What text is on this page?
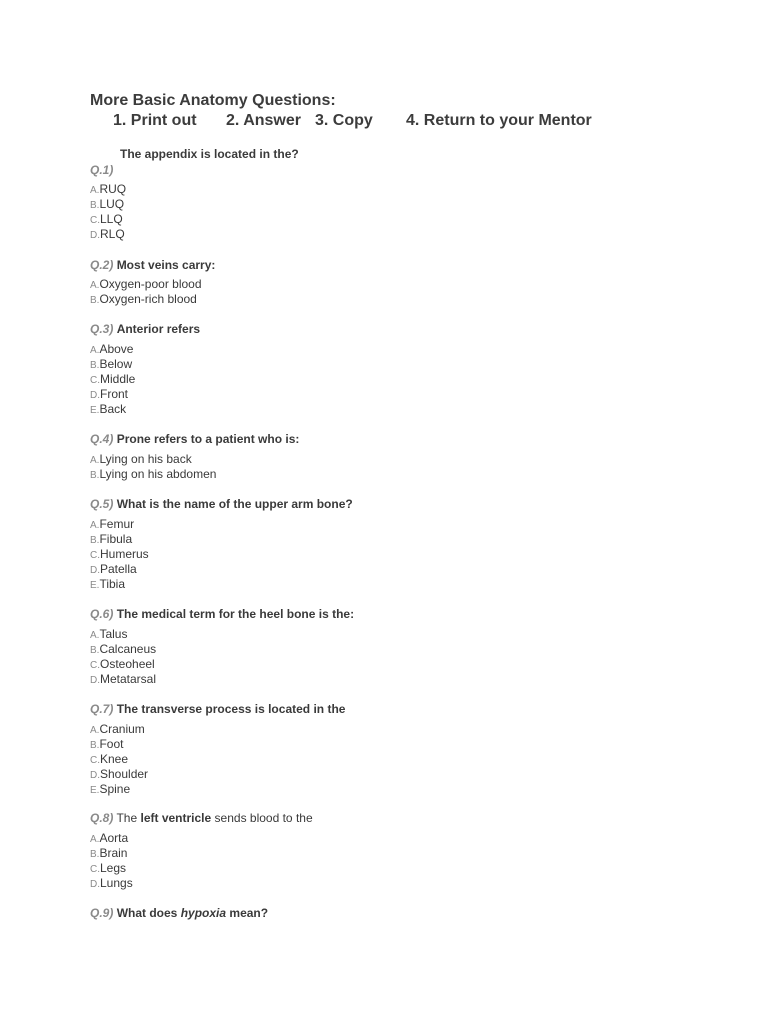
More Basic Anatomy Questions:

1. Print out

2. Answer

3. Copy

4. Return to your Mentor

The appendix is located in the?
Q.1)
A.RUQ
B.LUQ
C.LLQ
D.RLQ
Q.2) Most veins carry:
A.Oxygen-poor blood
B.Oxygen-rich blood
Q.3) Anterior refers
A.Above
B.Below
C.Middle
D.Front
E.Back
Q.4) Prone refers to a patient who is:
A.Lying on his back
B.Lying on his abdomen
Q.5) What is the name of the upper arm bone?
A.Femur
B.Fibula
C.Humerus
D.Patella
E.Tibia
Q.6) The medical term for the heel bone is the:
A.Talus
B.Calcaneus
C.Osteoheel
D.Metatarsal
Q.7) The transverse process is located in the
A.Cranium
B.Foot
C.Knee
D.Shoulder
E.Spine
Q.8) The left ventricle sends blood to the
A.Aorta
B.Brain
C.Legs
D.Lungs
Q.9) What does hypoxia mean?
